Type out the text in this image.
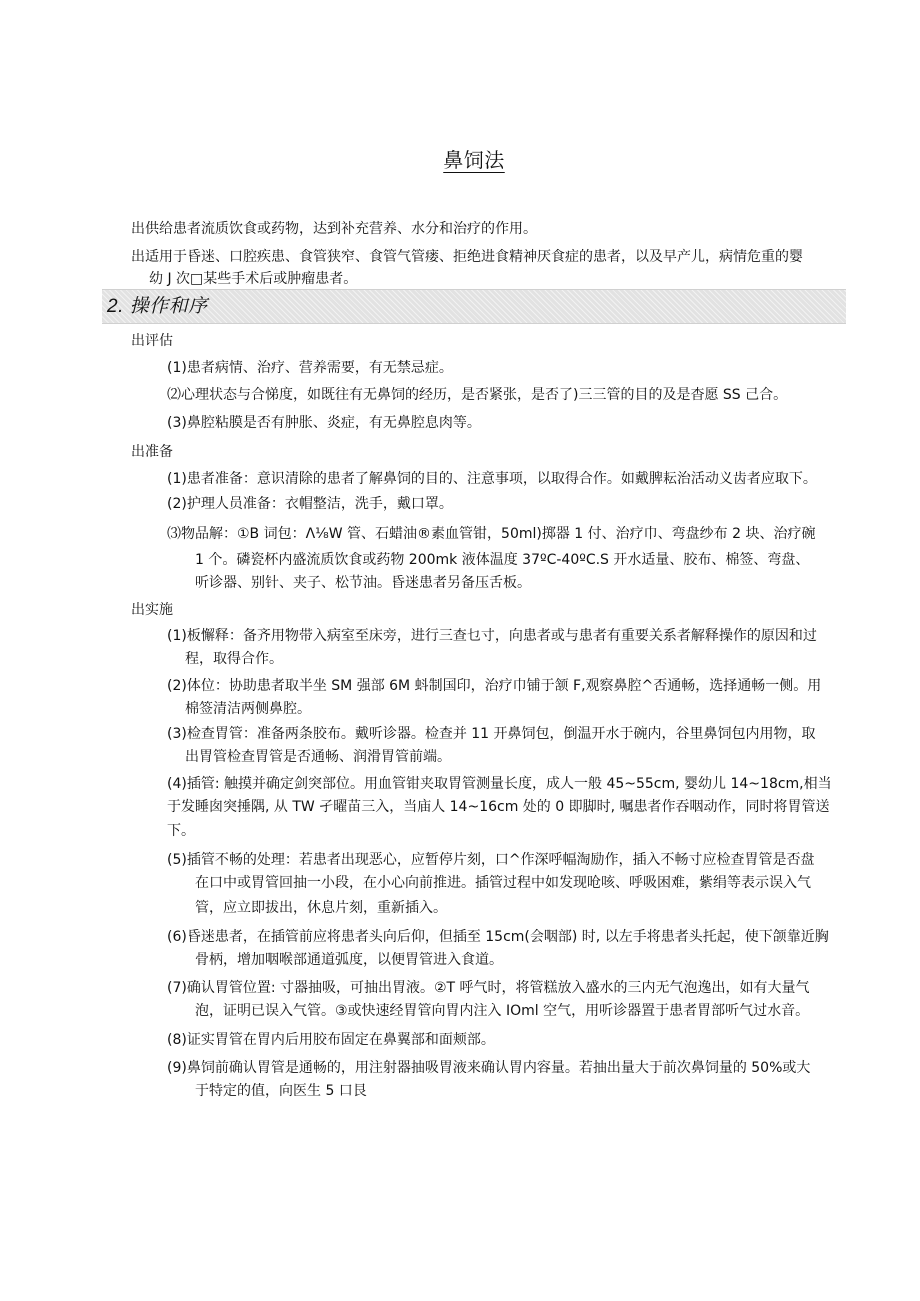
鼻饲法
出供给患者流质饮食或药物，达到补充营养、水分和治疗的作用。
出适用于昏迷、口腔疾患、食管狭窄、食管气管瘘、拒绝进食精神厌食症的患者，以及早产儿，病情危重的婴
幼 J 次□某些手术后或肿瘤患者。
2. 操作和序
出评估
(1)患者病情、治疗、营养需要，有无禁忌症。
⑵心理状态与合悌度，如既往有无鼻饲的经历，是否紧张，是否了)三三管的目的及是杳愿 SS 己合。
(3)鼻腔粘膜是否有肿胀、炎症，有无鼻腔息肉等。
出准备
(1)患者准备：意识清除的患者了解鼻饲的目的、注意事项，以取得合作。如戴脾耘治活动义齿者应取下。
(2)护理人员准备：衣帽整洁，洗手，戴口罩。
⑶物品解：①B 词包：Λ⅛W 管、石蜡油®素血管钳，50ml)掷器 1 付、治疗巾、弯盘纱布 2 块、治疗碗
1 个。磷瓷杯内盛流质饮食或药物 200mk 液体温度 37ºC-40ºC.S 开水适量、胶布、棉签、弯盘、
听诊器、别针、夹子、松节油。昏迷患者另备压舌板。
出实施
(1)板懈释：备齐用物带入病室至床旁，进行三查乜寸，向患者或与患者有重要关系者解释操作的原因和过
程，取得合作。
(2)体位：协助患者取半坐 SM 强部 6M 蚪制国印，治疗巾铺于颔 F,观察鼻腔^否通畅，选择通畅一侧。用
棉签清洁两侧鼻腔。
(3)检查胃管：准备两条胶布。戴听诊器。检查并 11 开鼻饲包，倒温开水于碗内，谷里鼻饲包内用物，取
出胃管检查胃管是否通畅、润滑胃管前端。
(4)插管: 触摸并确定剑突部位。用血管钳夹取胃管测量长度，成人一般 45~55cm, 婴幼儿 14~18cm,相当
于发睡囱突捶隅, 从 TW 孑曜苗三入，当庙人 14~16cm 处的 0 即脚时, 嘱患者作吞咽动作，同时将胃管送
下。
(5)插管不畅的处理：若患者出现恶心，应暂停片刻，口^作深呼幅淘励作，插入不畅寸应检查胃管是否盘
在口中或胃管回抽一小段，在小心向前推进。插管过程中如发现呛咳、呼吸困难，紫绢等表示误入气
管，应立即拔出，休息片刻，重新插入。
(6)昏迷患者，在插管前应将患者头向后仰，但插至 15cm(会咽部) 时, 以左手将患者头托起，使下颌靠近胸
骨柄，增加咽喉部通道弧度，以便胃管进入食道。
(7)确认胃管位置: 寸器抽吸，可抽出胃液。②T 呼气时，将管糕放入盛水的三内无气泡逸出，如有大量气
泡，证明已误入气管。③或快速经胃管向胃内注入 IOml 空气，用听诊器置于患者胃部听气过水音。
(8)证实胃管在胃内后用胶布固定在鼻翼部和面颊部。
(9)鼻饲前确认胃管是通畅的，用注射器抽吸胃液来确认胃内容量。若抽出量大于前次鼻饲量的 50%或大
于特定的值，向医生 5 口艮
